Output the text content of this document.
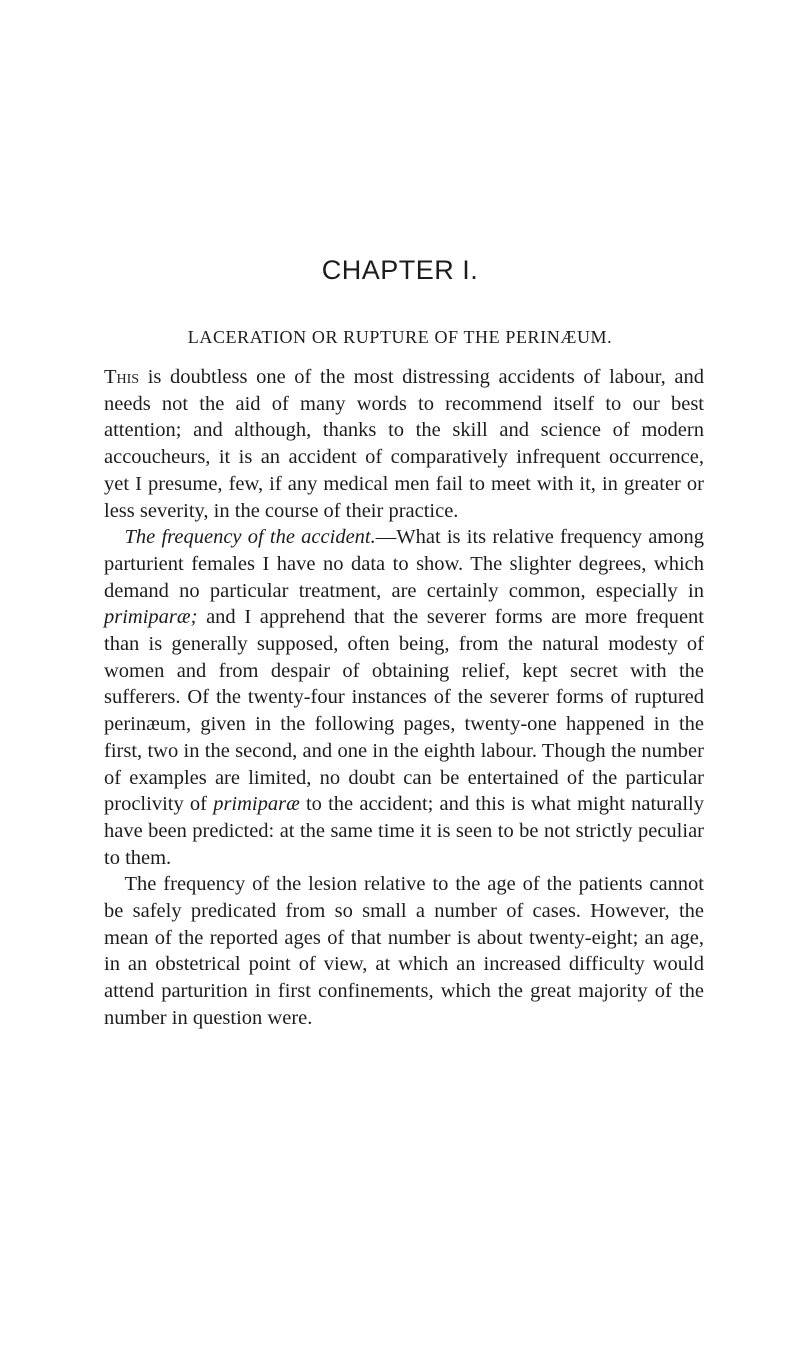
CHAPTER I.
LACERATION OR RUPTURE OF THE PERINÆUM.

This is doubtless one of the most distressing accidents of labour, and needs not the aid of many words to recommend itself to our best attention; and although, thanks to the skill and science of modern accoucheurs, it is an accident of comparatively infrequent occurrence, yet I presume, few, if any medical men fail to meet with it, in greater or less severity, in the course of their practice.

 The frequency of the accident.—What is its relative frequency among parturient females I have no data to show. The slighter degrees, which demand no particular treatment, are certainly common, especially in primiparæ; and I apprehend that the severer forms are more frequent than is generally supposed, often being, from the natural modesty of women and from despair of obtaining relief, kept secret with the sufferers. Of the twenty-four instances of the severer forms of ruptured perinæum, given in the following pages, twenty-one happened in the first, two in the second, and one in the eighth labour. Though the number of examples are limited, no doubt can be entertained of the particular proclivity of primiparæ to the accident; and this is what might naturally have been predicted: at the same time it is seen to be not strictly peculiar to them.

 The frequency of the lesion relative to the age of the patients cannot be safely predicated from so small a number of cases. However, the mean of the reported ages of that number is about twenty-eight; an age, in an obstetrical point of view, at which an increased difficulty would attend parturition in first confinements, which the great majority of the number in question were.
